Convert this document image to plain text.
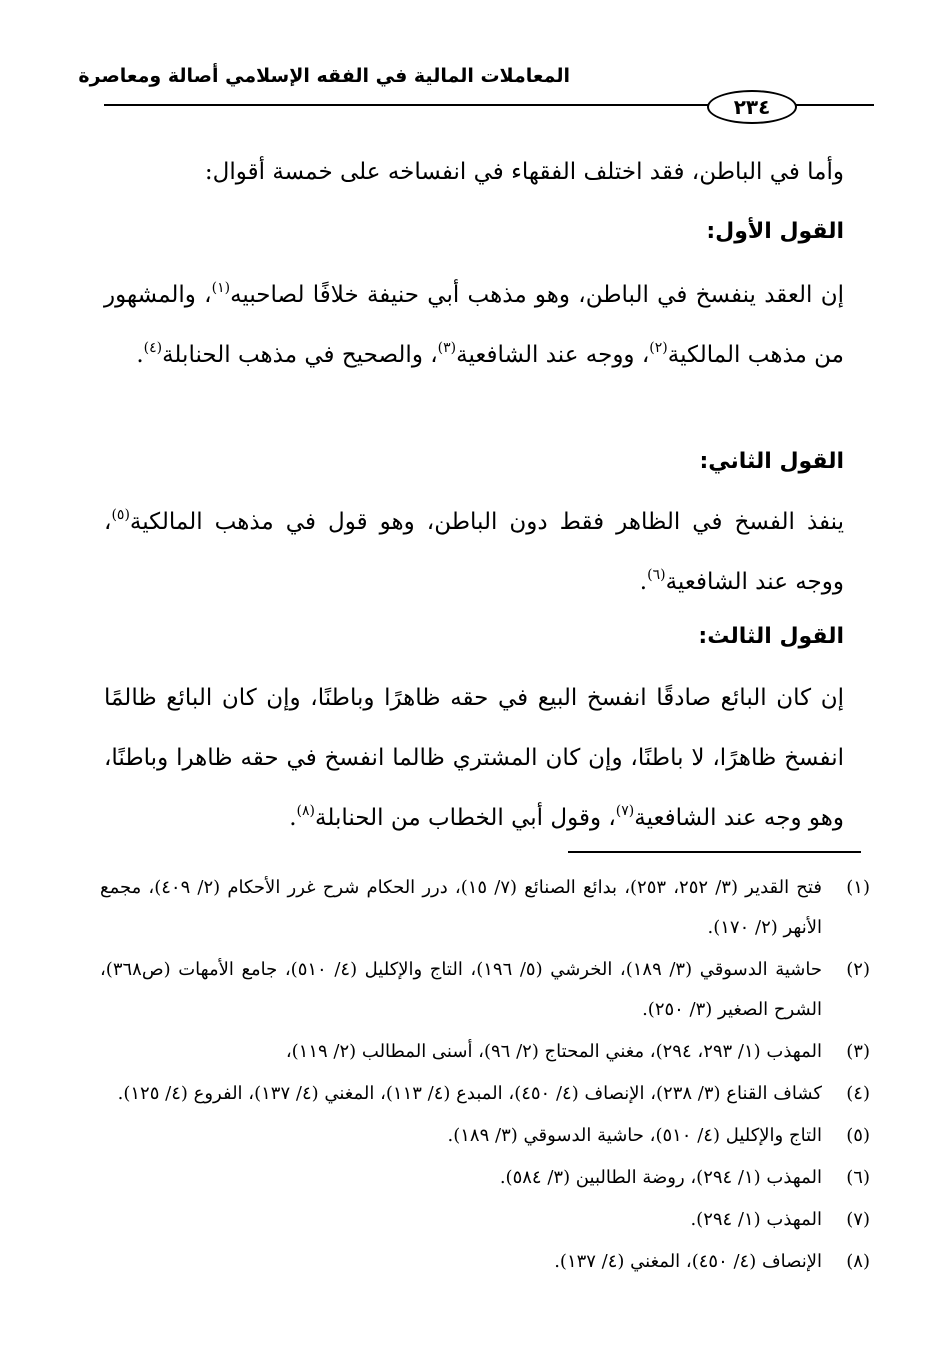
المعاملات المالية في الفقه الإسلامي أصالة ومعاصرة
٢٣٤

وأما في الباطن، فقد اختلف الفقهاء في انفساخه على خمسة أقوال:

القول الأول:

إن العقد ينفسخ في الباطن، وهو مذهب أبي حنيفة خلافًا لصاحبيه$^{(١)}$، والمشهور من مذهب المالكية$^{(٢)}$، ووجه عند الشافعية$^{(٣)}$، والصحيح في مذهب الحنابلة$^{(٤)}$.

القول الثاني:

ينفذ الفسخ في الظاهر فقط دون الباطن، وهو قول في مذهب المالكية$^{(٥)}$، ووجه عند الشافعية$^{(٦)}$.

القول الثالث:

إن كان البائع صادقًا انفسخ البيع في حقه ظاهرًا وباطنًا، وإن كان البائع ظالمًا انفسخ ظاهرًا، لا باطنًا، وإن كان المشتري ظالما انفسخ في حقه ظاهرا وباطنًا، وهو وجه عند الشافعية$^{(٧)}$، وقول أبي الخطاب من الحنابلة$^{(٨)}$.

(١)
فتح القدير (٣/ ٢٥٢، ٢٥٣)، بدائع الصنائع (٧/ ١٥)، درر الحكام شرح غرر الأحكام (٢/ ٤٠٩)، مجمع الأنهر (٢/ ١٧٠).
(٢)
حاشية الدسوقي (٣/ ١٨٩)، الخرشي (٥/ ١٩٦)، التاج والإكليل (٤/ ٥١٠)، جامع الأمهات (ص٣٦٨)، الشرح الصغير (٣/ ٢٥٠).
(٣)
المهذب (١/ ٢٩٣، ٢٩٤)، مغني المحتاج (٢/ ٩٦)، أسنى المطالب (٢/ ١١٩)،
(٤)
كشاف القناع (٣/ ٢٣٨)، الإنصاف (٤/ ٤٥٠)، المبدع (٤/ ١١٣)، المغني (٤/ ١٣٧)، الفروع (٤/ ١٢٥).
(٥)
التاج والإكليل (٤/ ٥١٠)، حاشية الدسوقي (٣/ ١٨٩).
(٦)
المهذب (١/ ٢٩٤)، روضة الطالبين (٣/ ٥٨٤).
(٧)
المهذب (١/ ٢٩٤).
(٨)
الإنصاف (٤/ ٤٥٠)، المغني (٤/ ١٣٧).
